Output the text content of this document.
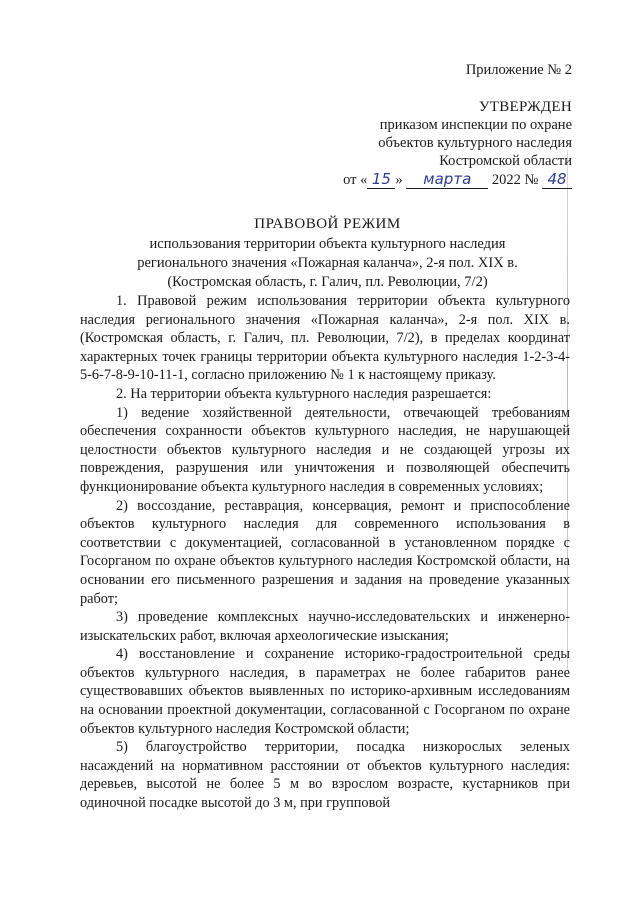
Приложение № 2
УТВЕРЖДЕН
приказом инспекции по охране
объектов культурного наследия
Костромской области
от « 15 » марта 2022 № 48
ПРАВОВОЙ РЕЖИМ
использования территории объекта культурного наследия
регионального значения «Пожарная каланча», 2-я пол. XIX в.
(Костромская область, г. Галич, пл. Революции, 7/2)

1. Правовой режим использования территории объекта культурного наследия регионального значения «Пожарная каланча», 2-я пол. XIX в. (Костромская область, г. Галич, пл. Революции, 7/2), в пределах координат характерных точек границы территории объекта культурного наследия 1-2-3-4-5-6-7-8-9-10-11-1, согласно приложению № 1 к настоящему приказу.

2. На территории объекта культурного наследия разрешается:

1) ведение хозяйственной деятельности, отвечающей требованиям обеспечения сохранности объектов культурного наследия, не нарушающей целостности объектов культурного наследия и не создающей угрозы их повреждения, разрушения или уничтожения и позволяющей обеспечить функционирование объекта культурного наследия в современных условиях;

2) воссоздание, реставрация, консервация, ремонт и приспособление объектов культурного наследия для современного использования в соответствии с документацией, согласованной в установленном порядке с Госорганом по охране объектов культурного наследия Костромской области, на основании его письменного разрешения и задания на проведение указанных работ;

3) проведение комплексных научно-исследовательских и инженерно-изыскательских работ, включая археологические изыскания;

4) восстановление и сохранение историко-градостроительной среды объектов культурного наследия, в параметрах не более габаритов ранее существовавших объектов выявленных по историко-архивным исследованиям на основании проектной документации, согласованной с Госорганом по охране объектов культурного наследия Костромской области;

5) благоустройство территории, посадка низкорослых зеленых насаждений на нормативном расстоянии от объектов культурного наследия: деревьев, высотой не более 5 м во взрослом возрасте, кустарников при одиночной посадке высотой до 3 м, при групповой
